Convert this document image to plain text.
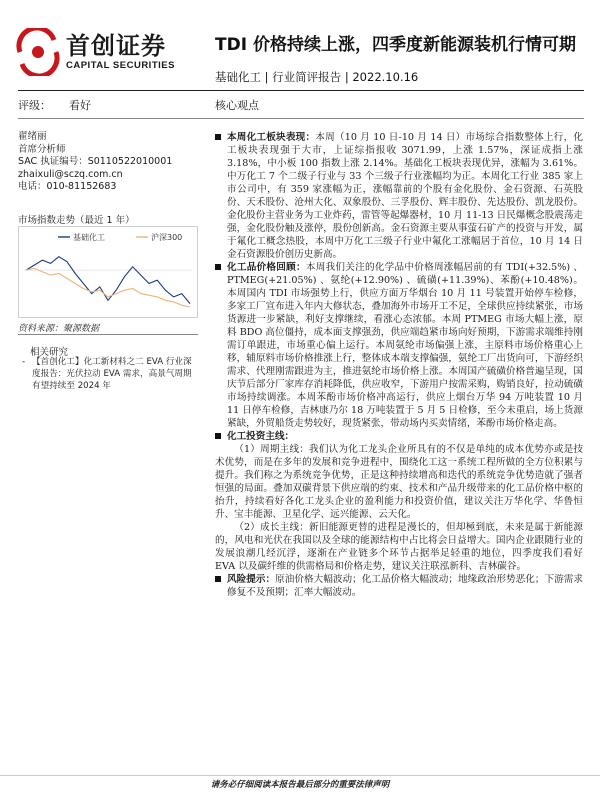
首创证券
CAPITAL SECURITIES
TDI 价格持续上涨，四季度新能源装机行情可期
基础化工 | 行业简评报告 | 2022.10.16
评级： 看好	核心观点
翟绪丽
首席分析师
SAC 执证编号：S0110522010001
zhaixuli@sczq.com.cn
电话：010-81152683
市场指数走势（最近 1 年）
基础化工	沪深300
资料来源：聚源数据
相关研究
- 【首创化工】化工新材料之二 EVA 行业深度报告：光伏拉动 EVA 需求，高景气周期有望持续至 2024 年
本周化工板块表现：本周（10 月 10 日-10 月 14 日）市场综合指数整体上行，化工板块表现强于大市，上证综指报收 3071.99，上涨 1.57%，深证成指上涨 3.18%，中小板 100 指数上涨 2.14%。基础化工板块表现优异，涨幅为 3.61%。中万化工 7 个二级子行业与 33 个三级子行业涨幅均为正。本周化工行业 385 家上市公司中，有 359 家涨幅为正，涨幅靠前的个股有金化股份、金石资源、石英股份、天禾股份、沧州大化、双象股份、三孚股份、辉丰股份、先达股份、凯龙股份。金化股份主营业务为工业炸药，雷管等起爆器材，10 月 11-13 日民爆概念股震荡走强，金化股份触及涨停，股份创新高。金石资源主要从事萤石矿产的投资与开发，属于氟化工概念热股，本周中万化工三级子行业中氟化工涨幅居于首位，10 月 14 日金石资源股价创历史新高。
化工品价格回顾：本周我们关注的化学品中价格周涨幅居前的有 TDI(+32.5%) 、PTMEG(+21.05%) 、氨纶(+12.90%) 、硫磺(+11.39%)、苯酚(+10.48%)。本周国内 TDI 市场强势上行，供应方面万华烟台 10 月 11 号装置开始停车检修，多家工厂宣布进入年内大修状态，叠加海外市场开工不足，全球供应持续紧张，市场货源进一步紧缺，利好支撑继续，看涨心态浓郁。本周 PTMEG 市场大幅上涨，原料 BDO 高位僵持，成本面支撑强劲，供应端趋紧市场向好预期，下游需求端维持刚需订单跟进，市场重心偏上运行。本周氨纶市场偏强上涨，主原料市场价格重心上移，辅原料市场价格推涨上行，整体成本端支撑偏强，氨纶工厂出货向可，下游经织需求、代理刚需跟进为主，推进氨纶市场价格上涨。本周国产硫磺价格普遍呈现，国庆节后部分厂家库存消耗降低，供应收窄，下游用户按需采购，购销良好，拉动硫磺市场持续调涨。本周苯酚市场价格冲高运行，供应上烟台万华 94 万吨装置 10 月 11 日停车检修，吉林康乃尔 18 万吨装置于 5 月 5 日检修，至今未重启，场上货源紧缺，外贸船货走势较好，现货紧张，带动场内买卖情绪，苯酚市场价格走高。
化工投资主线：
（1）周期主线：我们认为化工龙头企业所具有的不仅是单纯的成本优势亦或是技术优势，而是在多年的发展和竞争进程中，围绕化工这一系统工程所做的全方位积累与提升。我们称之为系统竞争优势，正是这种持续增高和迭代的系统竞争优势造就了强者恒强的局面。叠加双碳背景下供应端的约束、技术和产品升级带来的化工品价格中枢的抬升，持续看好各化工龙头企业的盈利能力和投资价值，建议关注万华化学、华鲁恒升、宝丰能源、卫星化学、远兴能源、云天化。
（2）成长主线：新旧能源更替的进程是漫长的，但却極到底，未来是属于新能源的，风电和光伏在我国以及全球的能源结构中占比将会日益增大。国内企业跟随行业的发展浪潮几经沉浮，逐渐在产业链多个环节占据举足轻重的地位，四季度我们看好 EVA 以及碳纤维的供需格局和价格走势，建议关注联泓新科、吉林碳谷。
风险提示：原油价格大幅波动；化工品价格大幅波动；地缘政治形势恶化；下游需求修复不及预期；汇率大幅波动。
请务必仔细阅读本报告最后部分的重要法律声明
